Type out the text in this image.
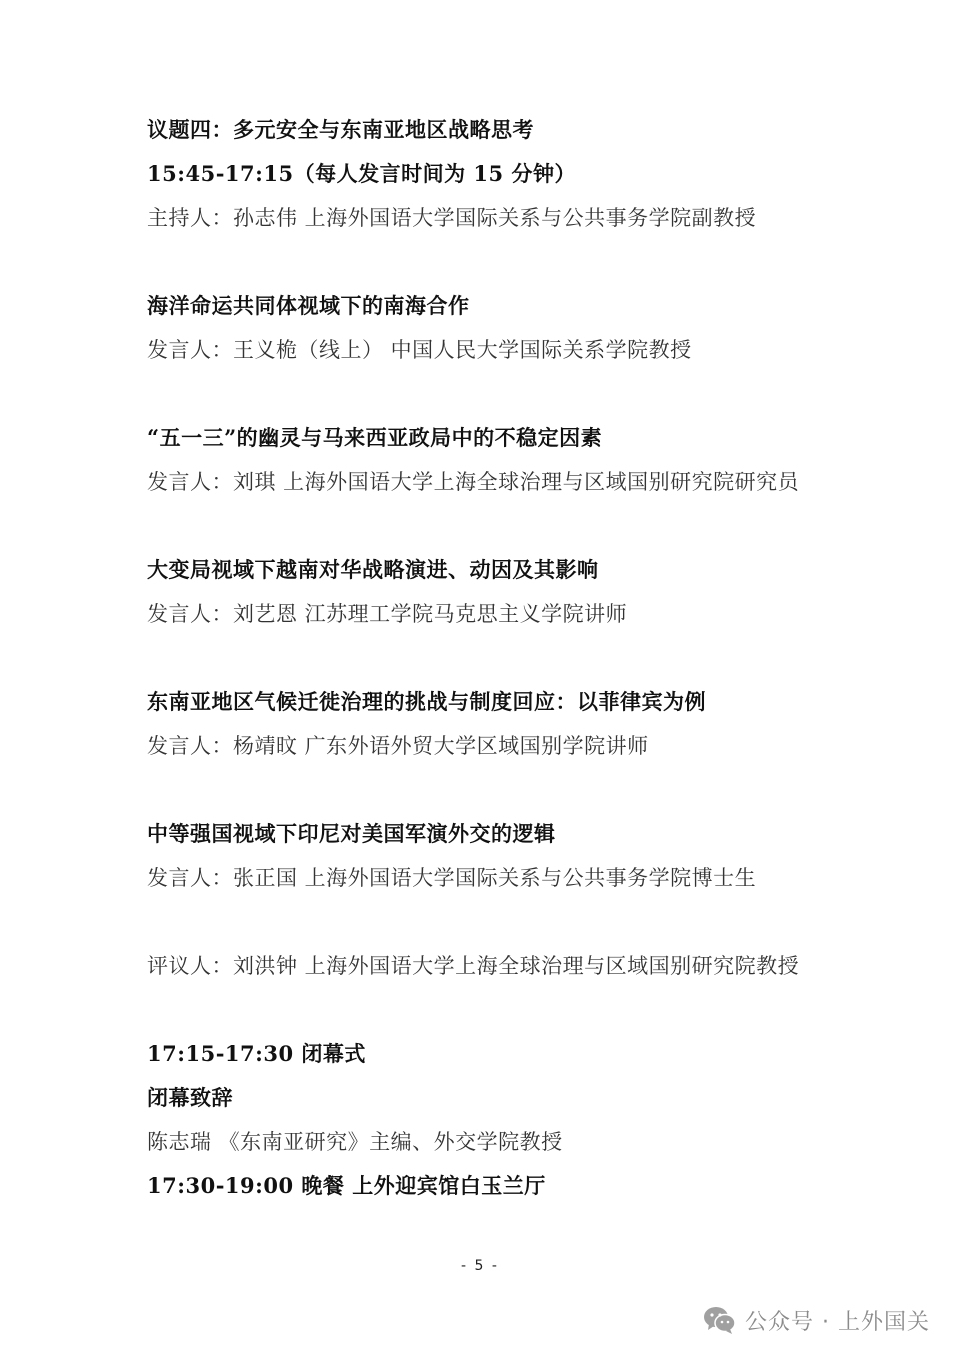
议题四：多元安全与东南亚地区战略思考
15:45-17:15（每人发言时间为 15 分钟）
主持人：孙志伟 上海外国语大学国际关系与公共事务学院副教授
海洋命运共同体视域下的南海合作
发言人：王义桅（线上） 中国人民大学国际关系学院教授
“五一三”的幽灵与马来西亚政局中的不稳定因素
发言人：刘琪 上海外国语大学上海全球治理与区域国别研究院研究员
大变局视域下越南对华战略演进、动因及其影响
发言人：刘艺恩 江苏理工学院马克思主义学院讲师
东南亚地区气候迁徙治理的挑战与制度回应：以菲律宾为例
发言人：杨靖旼 广东外语外贸大学区域国别学院讲师
中等强国视域下印尼对美国军演外交的逻辑
发言人：张正国 上海外国语大学国际关系与公共事务学院博士生
评议人：刘洪钟 上海外国语大学上海全球治理与区域国别研究院教授
17:15-17:30 闭幕式
闭幕致辞
陈志瑞 《东南亚研究》主编、外交学院教授
17:30-19:00 晚餐 上外迎宾馆白玉兰厅
- 5 -
公众号 · 上外国关
